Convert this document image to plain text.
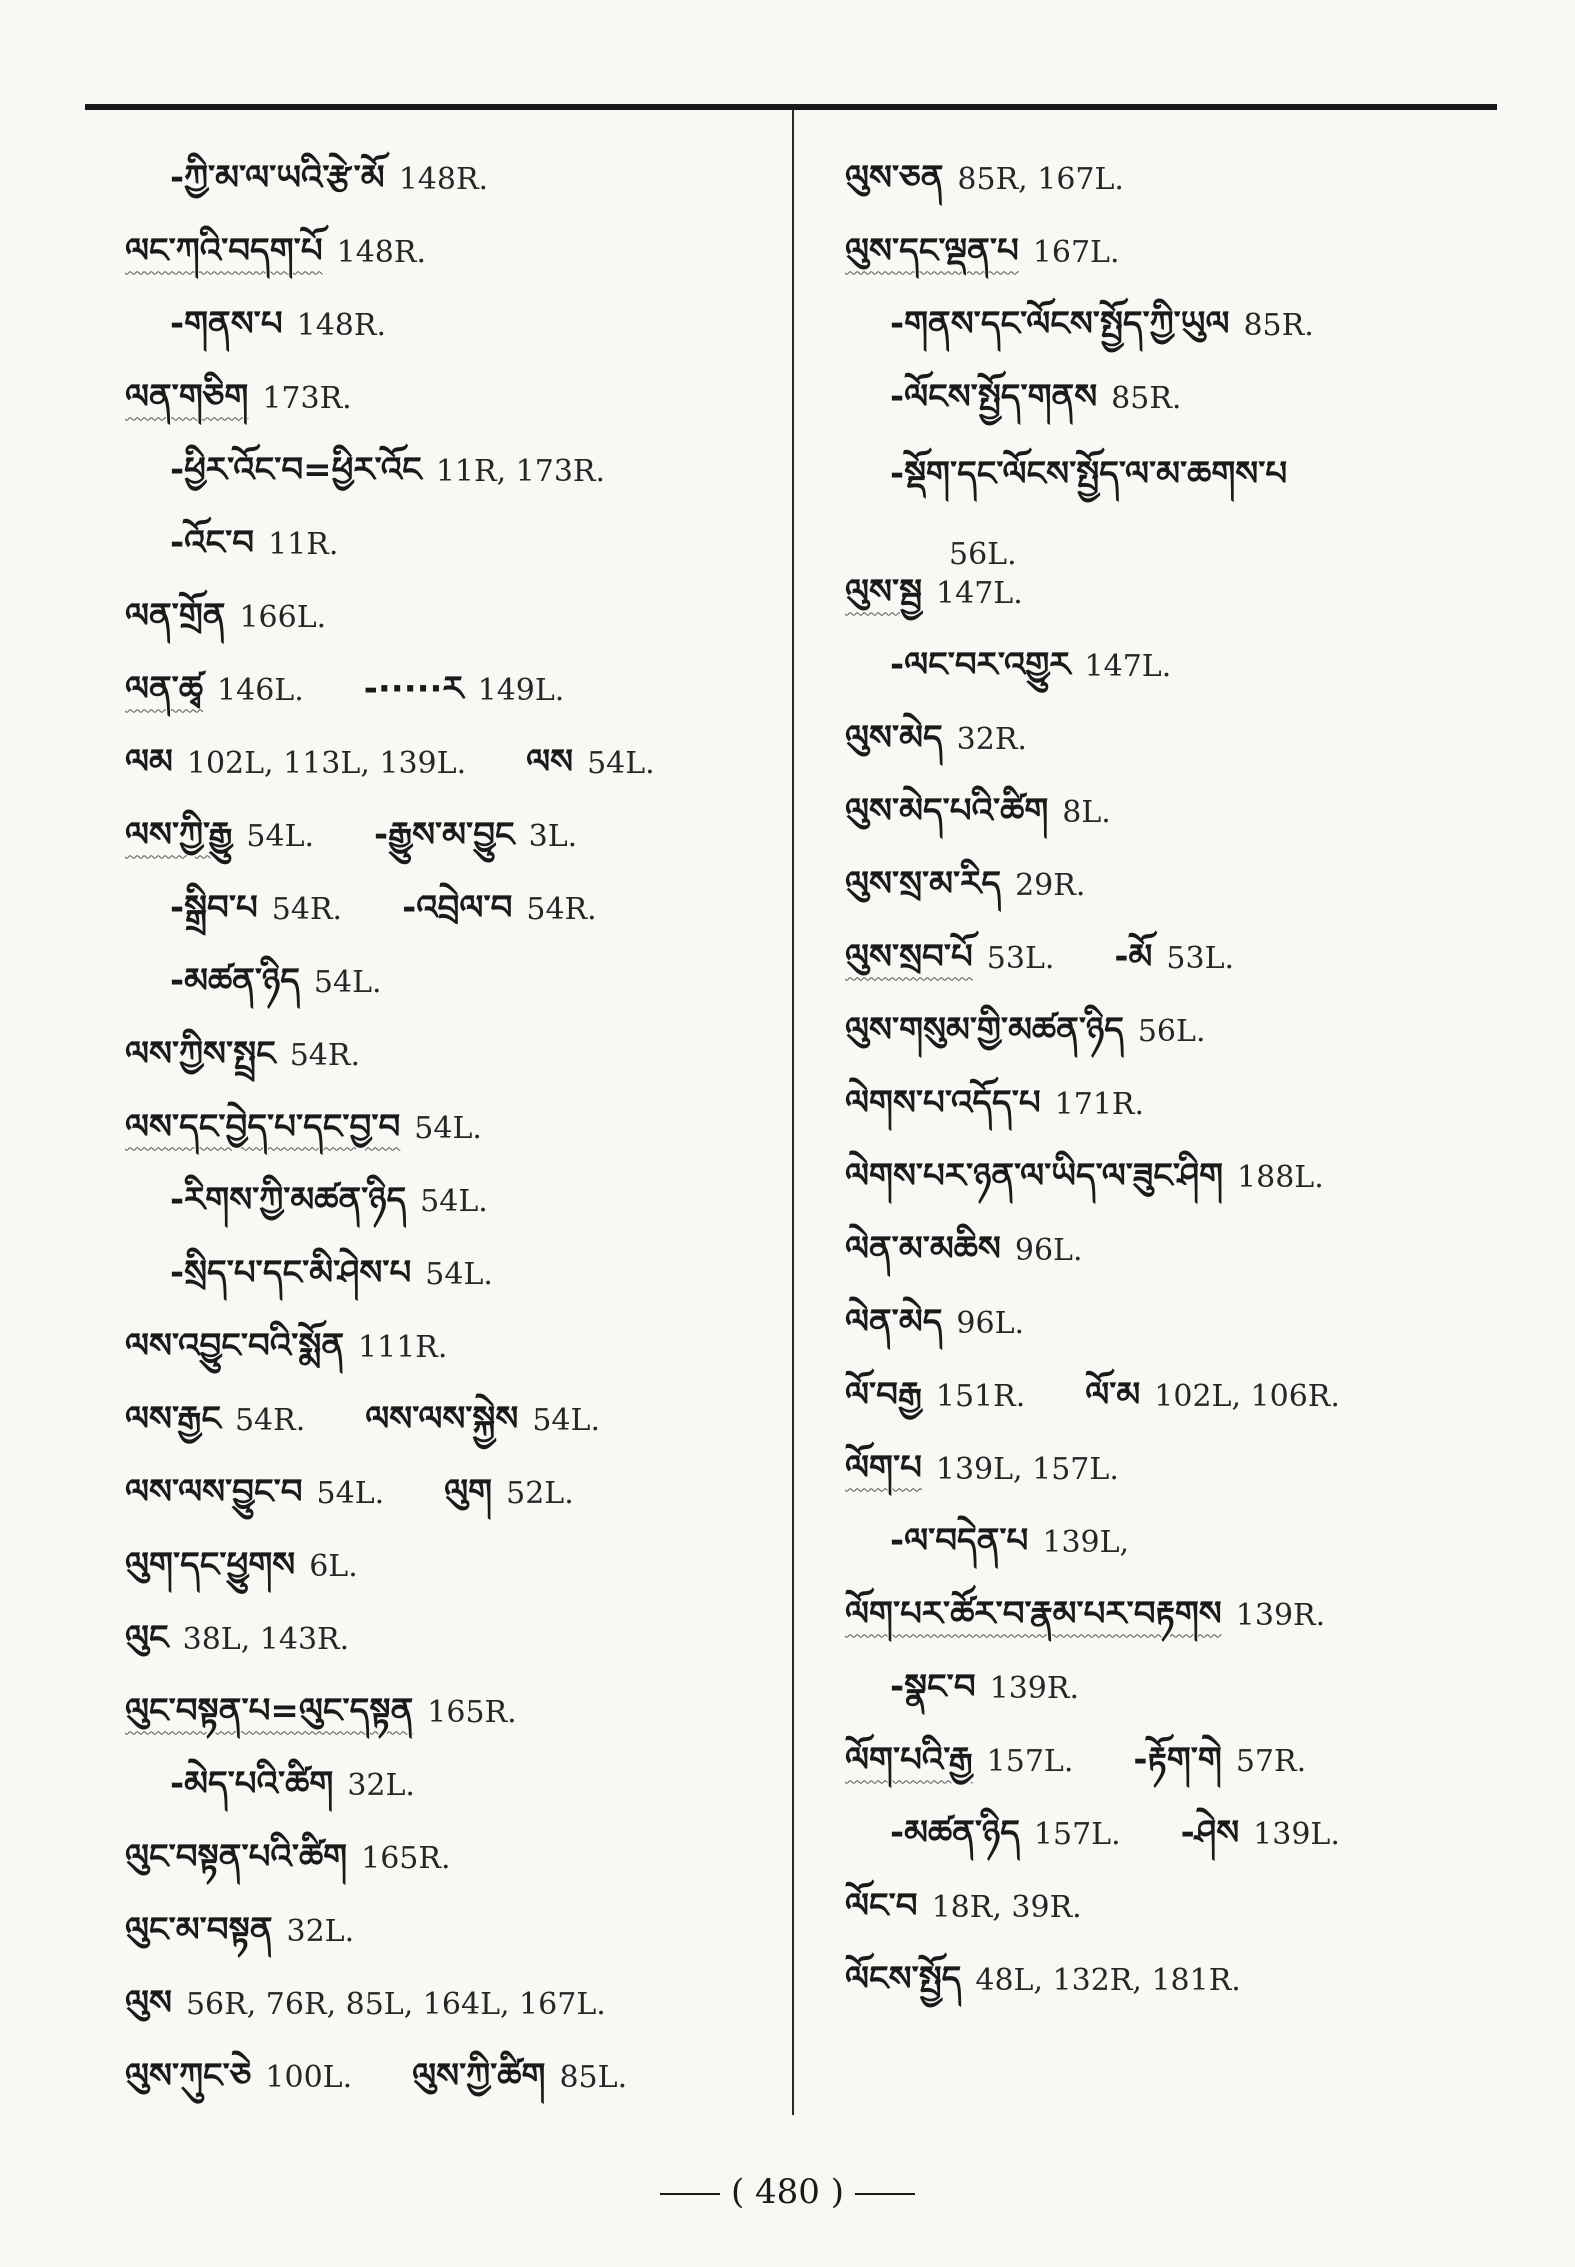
-ཀྱི་མ་ལ་ཡའི་རྩེ་མོ 148R.
ལང་ཀའི་བདག་པོ 148R.
-གནས་པ 148R.
ལན་གཅིག 173R.
-ཕྱིར་འོང་བ=ཕྱིར་འོང 11R, 173R.
-འོང་བ 11R.
ལན་གྲོན 166L.
ལན་ཚྭ 146L. -·····ར 149L.
ལམ 102L, 113L, 139L. ལས 54L.
ལས་ཀྱི་རྒྱུ 54L. -རྒྱུས་མ་བྱུང 3L.
-སྒྲིབ་པ 54R. -འབྲེལ་བ 54R.
-མཚན་ཉིད 54L.
ལས་ཀྱིས་སྤྲང 54R.
ལས་དང་བྱེད་པ་དང་བྱ་བ 54L.
-རིགས་ཀྱི་མཚན་ཉིད 54L.
-སྲིད་པ་དང་མི་ཤེས་པ 54L.
ལས་འབྱུང་བའི་སྨོན 111R.
ལས་རྒྱང 54R. ལས་ལས་སྐྱེས 54L.
ལས་ལས་བྱུང་བ 54L. ལུག 52L.
ལུག་དང་ཕྱུགས 6L.
ལུང 38L, 143R.
ལུང་བསྟན་པ=ལུང་དསྟན 165R.
-མེད་པའི་ཚིག 32L.
ལུང་བསྟན་པའི་ཚིག 165R.
ལུང་མ་བསྟན 32L.
ལུས 56R, 76R, 85L, 164L, 167L.
ལུས་ཀུང་ཅེ 100L. ལུས་ཀྱི་ཚིག 85L.
ལུས་ཅན 85R, 167L.
ལུས་དང་ལྡན་པ 167L.
-གནས་དང་ལོངས་སྤྱོད་ཀྱི་ཡུལ 85R.
-ལོངས་སྤྱོད་གནས 85R.
-སྡོག་དང་ལོངས་སྤྱོད་ལ་མ་ཆགས་པ
56L.
ལུས་སྦྱ 147L.
-ལང་བར་འགྱུར 147L.
ལུས་མེད 32R.
ལུས་མེད་པའི་ཚིག 8L.
ལུས་སྲ་མ་རིད 29R.
ལུས་སྲབ་པོ 53L. -མོ 53L.
ལུས་གསུམ་གྱི་མཚན་ཉིད 56L.
ལེགས་པ་འདོད་པ 171R.
ལེགས་པར་ཉན་ལ་ཡིད་ལ་ཟུང་ཤིག 188L.
ལེན་མ་མཆིས 96L.
ལེན་མེད 96L.
ལོ་བརྒྱ 151R. ལོ་མ 102L, 106R.
ལོག་པ 139L, 157L.
-ལ་བདེན་པ 139L,
ལོག་པར་ཚོར་བ་རྣམ་པར་བརྟགས 139R.
-སྣང་བ 139R.
ལོག་པའི་རྒྱ 157L. -རྟོག་གེ 57R.
-མཚན་ཉིད 157L. -ཤེས 139L.
ལོང་བ 18R, 39R.
ལོངས་སྤྱོད 48L, 132R, 181R.
( 480 )
